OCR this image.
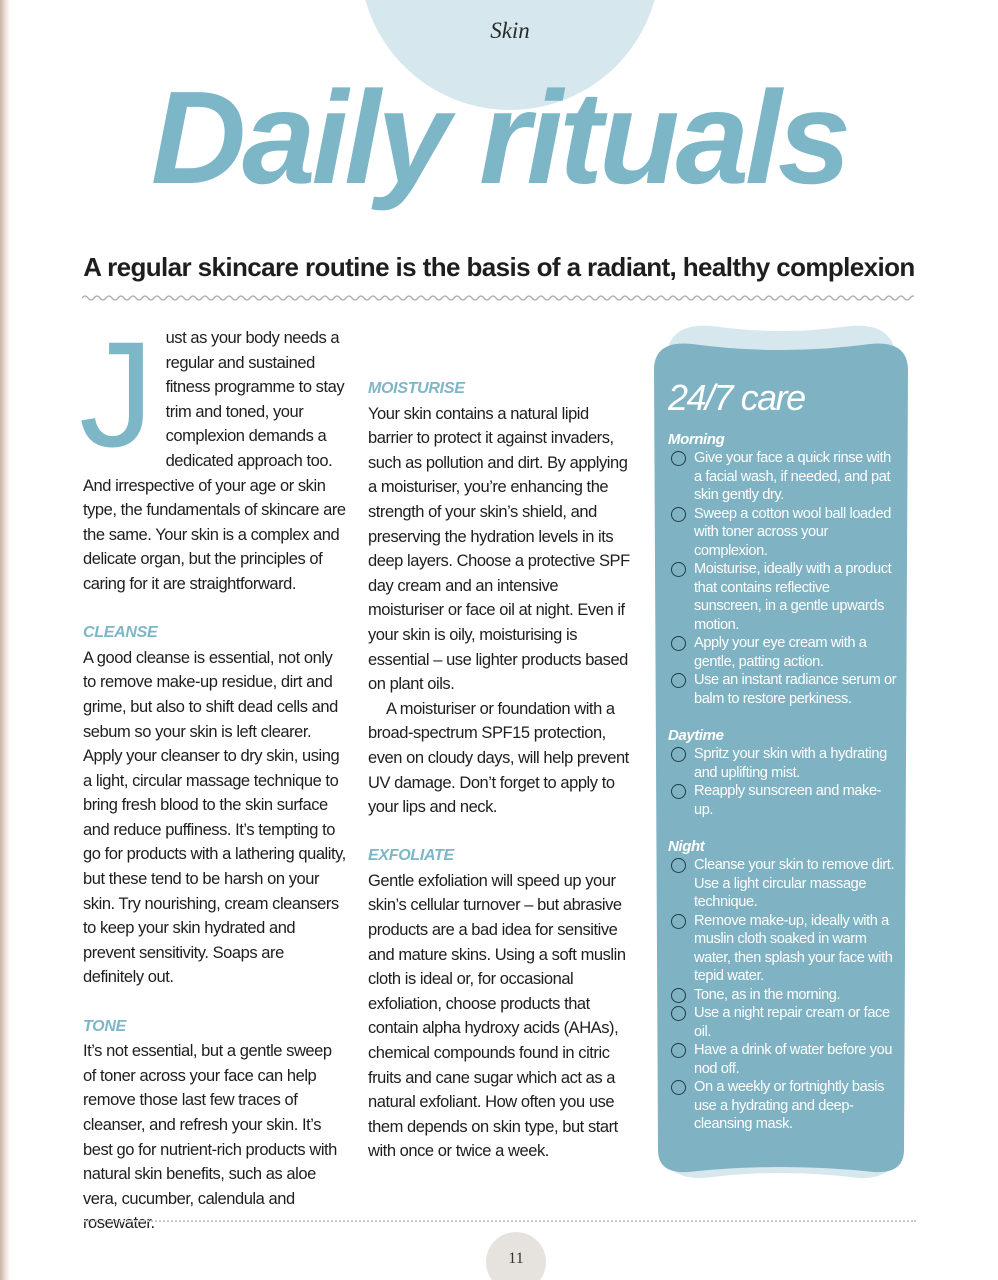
Skin
Daily rituals
A regular skincare routine is the basis of a radiant, healthy complexion
J ust as your body needs a regular and sustained fitness programme to stay trim and toned, your complexion demands a dedicated approach too. And irrespective of your age or skin type, the fundamentals of skincare are the same. Your skin is a complex and delicate organ, but the principles of caring for it are straightforward.

CLEANSE

A good cleanse is essential, not only to remove make-up residue, dirt and grime, but also to shift dead cells and sebum so your skin is left clearer. Apply your cleanser to dry skin, using a light, circular massage technique to bring fresh blood to the skin surface and reduce puffiness. It’s tempting to go for products with a lathering quality, but these tend to be harsh on your skin. Try nourishing, cream cleansers to keep your skin hydrated and prevent sensitivity. Soaps are definitely out.

TONE

It’s not essential, but a gentle sweep of toner across your face can help remove those last few traces of cleanser, and refresh your skin. It’s best go for nutrient-rich products with natural skin benefits, such as aloe vera, cucumber, calendula and rosewater.

MOISTURISE

Your skin contains a natural lipid barrier to protect it against invaders, such as pollution and dirt. By applying a moisturiser, you’re enhancing the strength of your skin’s shield, and preserving the hydration levels in its deep layers. Choose a protective SPF day cream and an intensive moisturiser or face oil at night. Even if your skin is oily, moisturising is essential – use lighter products based on plant oils.

A moisturiser or foundation with a broad-spectrum SPF15 protection, even on cloudy days, will help prevent UV damage. Don’t forget to apply to your lips and neck.

EXFOLIATE

Gentle exfoliation will speed up your skin’s cellular turnover – but abrasive products are a bad idea for sensitive and mature skins. Using a soft muslin cloth is ideal or, for occasional exfoliation, choose products that contain alpha hydroxy acids (AHAs), chemical compounds found in citric fruits and cane sugar which act as a natural exfoliant. How often you use them depends on skin type, but start with once or twice a week.

24/7 care
Morning
Give your face a quick rinse with a facial wash, if needed, and pat skin gently dry.
Sweep a cotton wool ball loaded with toner across your complexion.
Moisturise, ideally with a product that contains reflective sunscreen, in a gentle upwards motion.
Apply your eye cream with a gentle, patting action.
Use an instant radiance serum or balm to restore perkiness.
Daytime
Spritz your skin with a hydrating and uplifting mist.
Reapply sunscreen and make-up.
Night
Cleanse your skin to remove dirt. Use a light circular massage technique.
Remove make-up, ideally with a muslin cloth soaked in warm water, then splash your face with tepid water.
Tone, as in the morning.
Use a night repair cream or face oil.
Have a drink of water before you nod off.
On a weekly or fortnightly basis use a hydrating and deep-cleansing mask.
11
